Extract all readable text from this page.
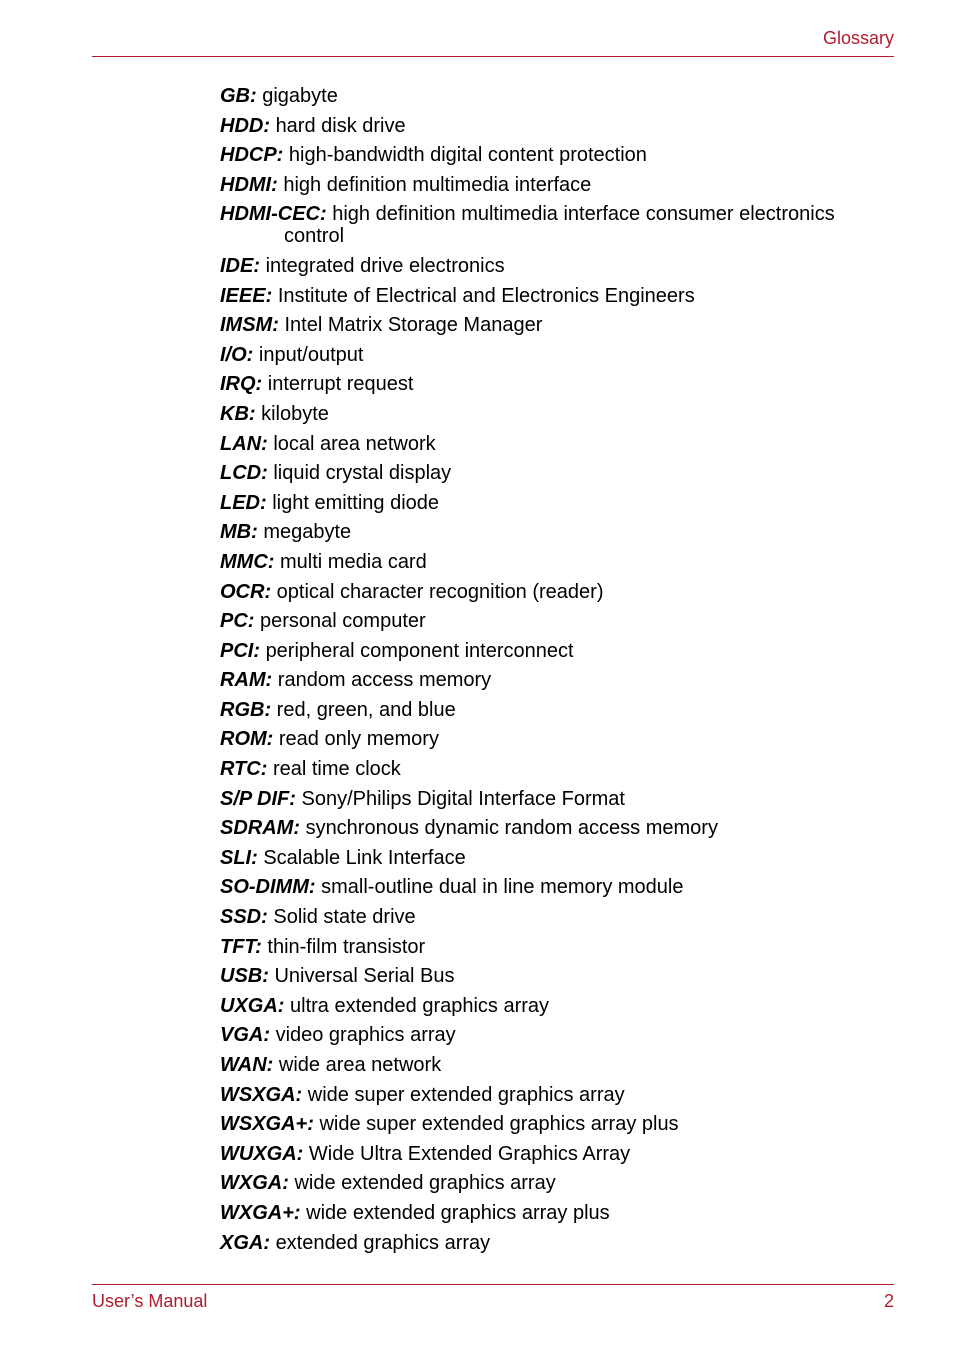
Glossary
GB: gigabyte
HDD: hard disk drive
HDCP: high-bandwidth digital content protection
HDMI: high definition multimedia interface
HDMI-CEC: high definition multimedia interface consumer electronics control
IDE: integrated drive electronics
IEEE: Institute of Electrical and Electronics Engineers
IMSM: Intel Matrix Storage Manager
I/O: input/output
IRQ: interrupt request
KB: kilobyte
LAN: local area network
LCD: liquid crystal display
LED: light emitting diode
MB: megabyte
MMC: multi media card
OCR: optical character recognition (reader)
PC: personal computer
PCI: peripheral component interconnect
RAM: random access memory
RGB: red, green, and blue
ROM: read only memory
RTC: real time clock
S/P DIF: Sony/Philips Digital Interface Format
SDRAM: synchronous dynamic random access memory
SLI: Scalable Link Interface
SO-DIMM: small-outline dual in line memory module
SSD: Solid state drive
TFT: thin-film transistor
USB: Universal Serial Bus
UXGA: ultra extended graphics array
VGA: video graphics array
WAN: wide area network
WSXGA: wide super extended graphics array
WSXGA+: wide super extended graphics array plus
WUXGA: Wide Ultra Extended Graphics Array
WXGA: wide extended graphics array
WXGA+: wide extended graphics array plus
XGA: extended graphics array
User’s Manual	2
